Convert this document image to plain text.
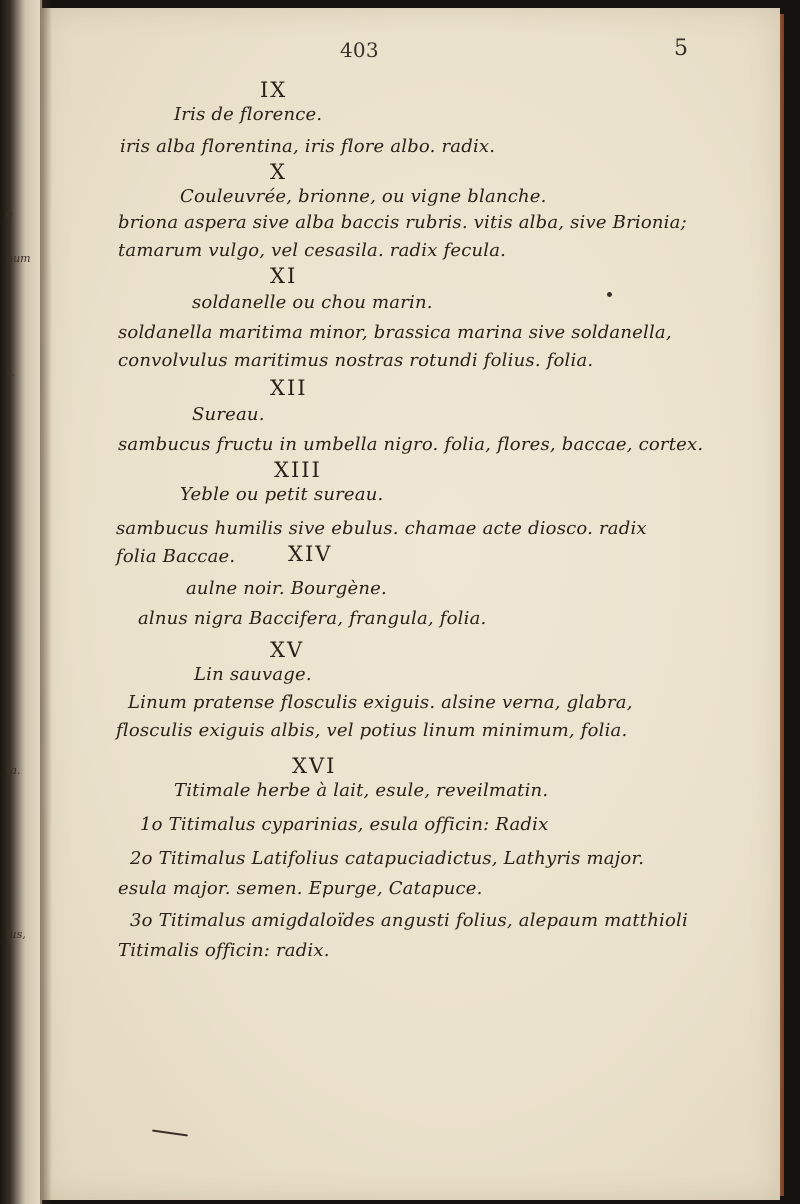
e
num
s.
ta.
lus,
403	5
IX
Iris de florence.
iris alba florentina, iris flore albo. radix.
X
Couleuvrée, brionne, ou vigne blanche.
briona aspera sive alba baccis rubris. vitis alba, sive Brionia;
tamarum vulgo, vel cesasila. radix fecula.
XI
soldanelle ou chou marin.
soldanella maritima minor, brassica marina sive soldanella,
convolvulus maritimus nostras rotundi folius. folia.
XII
Sureau.
sambucus fructu in umbella nigro. folia, flores, baccae, cortex.
XIII
Yeble ou petit sureau.
sambucus humilis sive ebulus. chamae acte diosco. radix
folia Baccae.	XIV
aulne noir. Bourgène.
alnus nigra Baccifera, frangula, folia.
XV
Lin sauvage.
Linum pratense flosculis exiguis. alsine verna, glabra,
flosculis exiguis albis, vel potius linum minimum, folia.
XVI
Titimale herbe à lait, esule, reveilmatin.
1o Titimalus cyparinias, esula officin: Radix
2o Titimalus Latifolius catapuciadictus, Lathyris major.
esula major. semen. Epurge, Catapuce.
3o Titimalus amigdaloïdes angusti folius, alepaum matthioli
Titimalis officin: radix.
